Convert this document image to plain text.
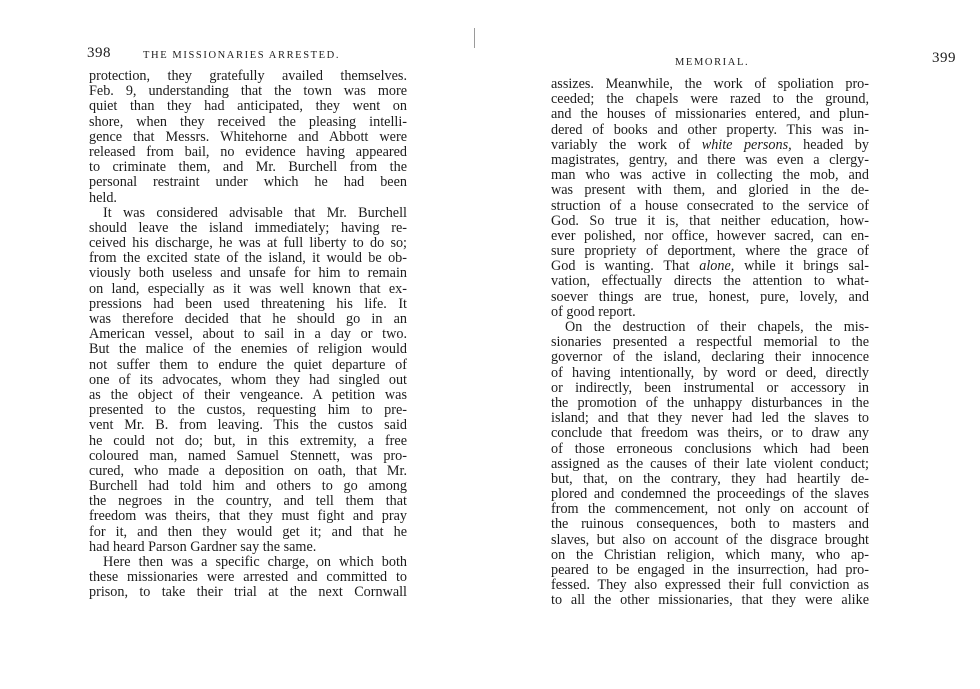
398	THE MISSIONARIES ARRESTED.
protection, they gratefully availed themselves.
Feb. 9, understanding that the town was more
quiet than they had anticipated, they went on
shore, when they received the pleasing intelli-
gence that Messrs. Whitehorne and Abbott were
released from bail, no evidence having appeared
to criminate them, and Mr. Burchell from the
personal restraint under which he had been
held.
It was considered advisable that Mr. Burchell
should leave the island immediately; having re-
ceived his discharge, he was at full liberty to do so;
from the excited state of the island, it would be ob-
viously both useless and unsafe for him to remain
on land, especially as it was well known that ex-
pressions had been used threatening his life. It
was therefore decided that he should go in an
American vessel, about to sail in a day or two.
But the malice of the enemies of religion would
not suffer them to endure the quiet departure of
one of its advocates, whom they had singled out
as the object of their vengeance. A petition was
presented to the custos, requesting him to pre-
vent Mr. B. from leaving. This the custos said
he could not do; but, in this extremity, a free
coloured man, named Samuel Stennett, was pro-
cured, who made a deposition on oath, that Mr.
Burchell had told him and others to go among
the negroes in the country, and tell them that
freedom was theirs, that they must fight and pray
for it, and then they would get it; and that he
had heard Parson Gardner say the same.
Here then was a specific charge, on which both
these missionaries were arrested and committed to
prison, to take their trial at the next Cornwall
MEMORIAL.	399
assizes. Meanwhile, the work of spoliation pro-
ceeded; the chapels were razed to the ground,
and the houses of missionaries entered, and plun-
dered of books and other property. This was in-
variably the work of white persons, headed by
magistrates, gentry, and there was even a clergy-
man who was active in collecting the mob, and
was present with them, and gloried in the de-
struction of a house consecrated to the service of
God. So true it is, that neither education, how-
ever polished, nor office, however sacred, can en-
sure propriety of deportment, where the grace of
God is wanting. That alone, while it brings sal-
vation, effectually directs the attention to what-
soever things are true, honest, pure, lovely, and
of good report.
On the destruction of their chapels, the mis-
sionaries presented a respectful memorial to the
governor of the island, declaring their innocence
of having intentionally, by word or deed, directly
or indirectly, been instrumental or accessory in
the promotion of the unhappy disturbances in the
island; and that they never had led the slaves to
conclude that freedom was theirs, or to draw any
of those erroneous conclusions which had been
assigned as the causes of their late violent conduct;
but, that, on the contrary, they had heartily de-
plored and condemned the proceedings of the slaves
from the commencement, not only on account of
the ruinous consequences, both to masters and
slaves, but also on account of the disgrace brought
on the Christian religion, which many, who ap-
peared to be engaged in the insurrection, had pro-
fessed. They also expressed their full conviction as
to all the other missionaries, that they were alike
